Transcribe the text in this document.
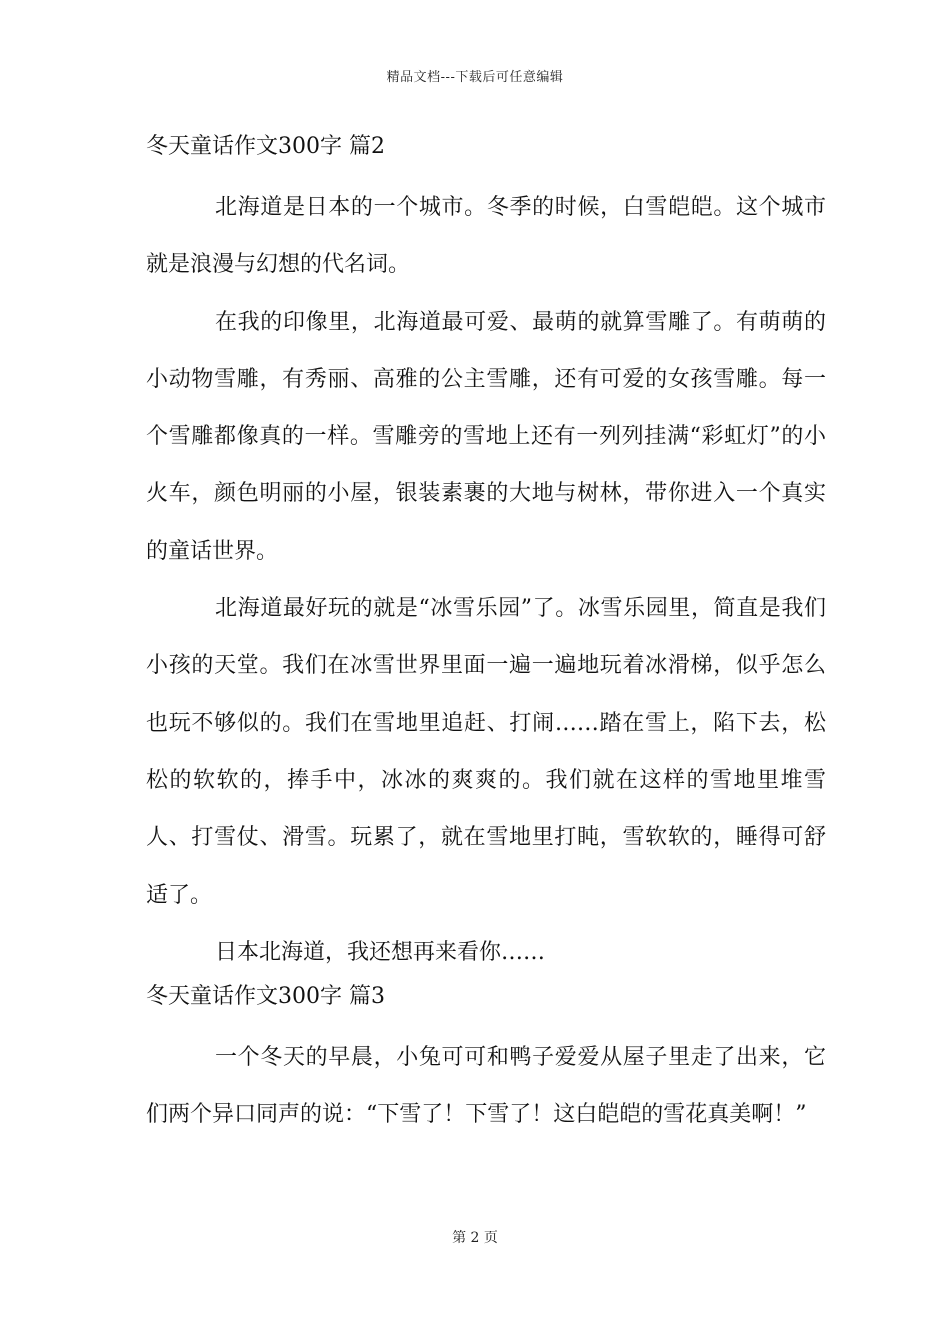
精品文档---下载后可任意编辑
冬天童话作文300字 篇2

北海道是日本的一个城市。冬季的时候，白雪皑皑。这个城市就是浪漫与幻想的代名词。

在我的印像里，北海道最可爱、最萌的就算雪雕了。有萌萌的小动物雪雕，有秀丽、高雅的公主雪雕，还有可爱的女孩雪雕。每一个雪雕都像真的一样。雪雕旁的雪地上还有一列列挂满“彩虹灯”的小火车，颜色明丽的小屋，银装素裹的大地与树林，带你进入一个真实的童话世界。

北海道最好玩的就是“冰雪乐园”了。冰雪乐园里，简直是我们小孩的天堂。我们在冰雪世界里面一遍一遍地玩着冰滑梯，似乎怎么也玩不够似的。我们在雪地里追赶、打闹……踏在雪上，陷下去，松松的软软的，捧手中，冰冰的爽爽的。我们就在这样的雪地里堆雪人、打雪仗、滑雪。玩累了，就在雪地里打盹，雪软软的，睡得可舒适了。

日本北海道，我还想再来看你……

冬天童话作文300字 篇3

一个冬天的早晨，小兔可可和鸭子爱爱从屋子里走了出来，它们两个异口同声的说：“下雪了！下雪了！这白皑皑的雪花真美啊！”

第 2 页
